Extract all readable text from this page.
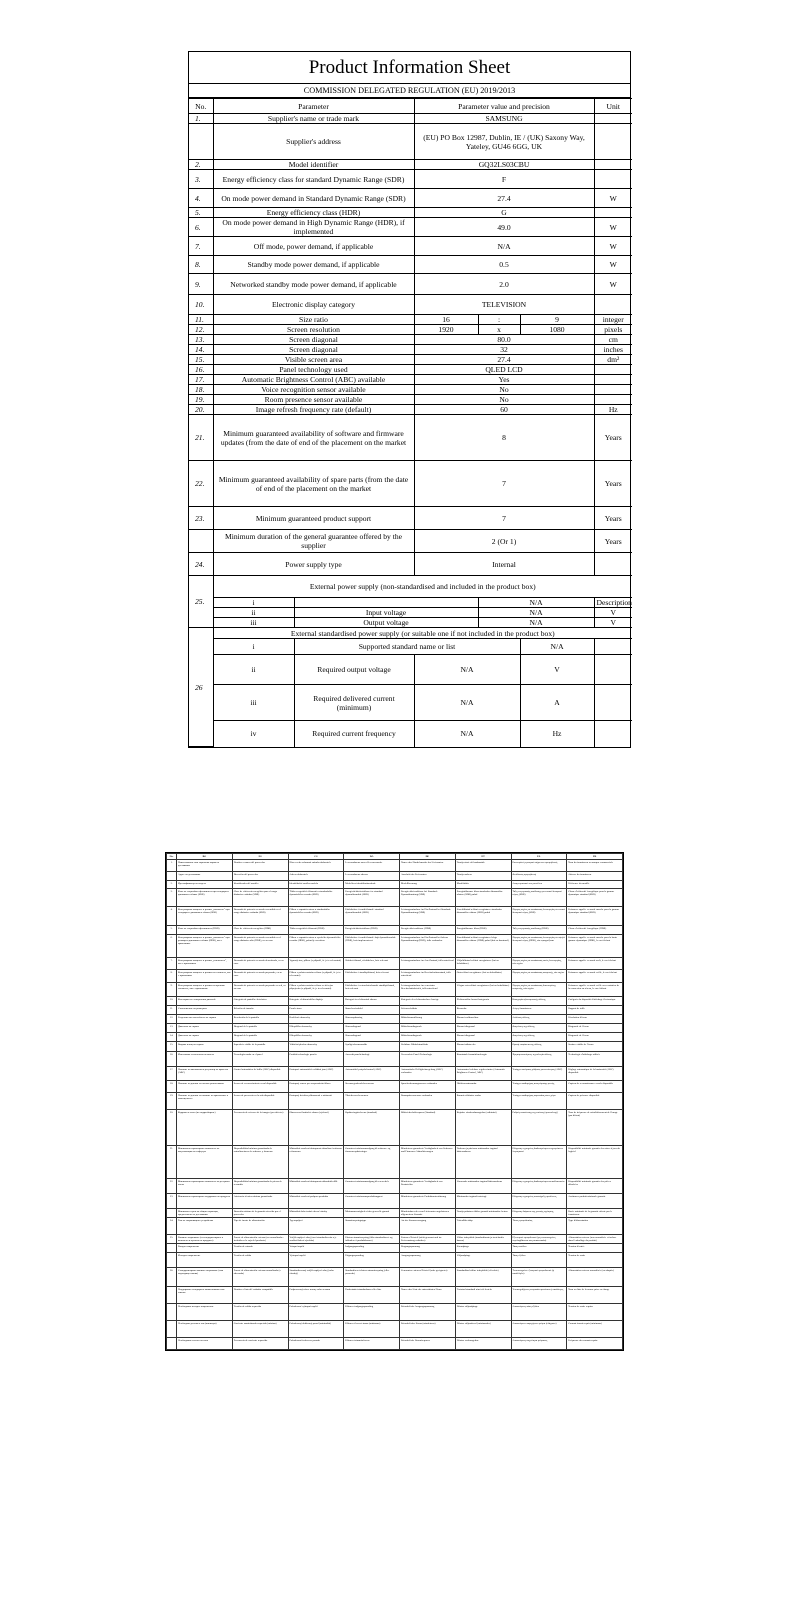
Product Information Sheet
COMMISSION DELEGATED REGULATION (EU) 2019/2013
No.	Parameter		Parameter value and precision			Unit
1.	Supplier's name or trade mark		SAMSUNG			
	Supplier's address		(EU) PO Box 12987, Dublin, IE / (UK) Saxony Way, Yateley, GU46 6GG, UK			
2.	Model identifier		GQ32LS03CBU			
3.	Energy efficiency class for standard Dynamic Range (SDR)		F			
4.	On mode power demand in Standard Dynamic Range (SDR)		27.4			W
5.	Energy efficiency class (HDR)		G			
6.	On mode power demand in High Dynamic Range (HDR), if implemented		49.0			W
7.	Off mode, power demand, if applicable		N/A			W
8.	Standby mode power demand, if applicable		0.5			W
9.	Networked standby mode power demand, if applicable		2.0			W
10.	Electronic display category		TELEVISION			
11.	Size ratio		16	:	9	integer
12.	Screen resolution		1920	x	1080	pixels
13.	Screen diagonal		80.0			cm
14.	Screen diagonal		32			inches
15.	Visible screen area		27.4			dm²
16.	Panel technology used		QLED LCD			
17.	Automatic Brightness Control (ABC) available		Yes			
18.	Voice recognition sensor available		No			
19.	Room presence sensor available		No			
20.	Image refresh frequency rate (default)		60			Hz
21.	Minimum guaranteed availability of software and firmware updates (from the date of end of the placement on the market		8			Years
22.	Minimum guaranteed availability of spare parts (from the date of end of the placement on the market		7			Years
23.	Minimum guaranteed product support		7			Years
	Minimum duration of the general guarantee offered by the supplier		2 (Or 1)			Years
24.	Power supply type		Internal			
25.	External power supply (non-standardised and included in the product box)					
	i			N/A		Description
	ii	Input voltage		N/A		V
	iii	Output voltage		N/A		V
26	External standardised power supply (or suitable one if not included in the product box)					
	i	Supported standard name or list			N/A	
	ii	Required output voltage	N/A		V	
	iii	Required delivered current (minimum)	N/A		A	
	iv	Required current frequency	N/A		Hz	
No.	BG	ES	CS	DA	DE	ET	EL	FR
1.	Наименование или търговска марка на доставчика	Nombre o marca del proveedor	Název nebo ochranná známka dodavatele	Leverandørens navn eller varemærke	Name oder Handelsmarke des Lieferanten	Tarnija nimi või kaubamärk	Επωνυμία ή εμπορικό σήμα του προμηθευτή	Nom du fournisseur ou marque commerciale
	Адрес на доставчика	Dirección del proveedor	Adresa dodavatele	Leverandørens adresse	Anschrift des Lieferanten	Tarnija aadress	Διεύθυνση προμηθευτή	Adresse du fournisseur
2.	Идентификатор на модела	Identificador del modelo	Identifikační značka modelu	Modellens identifikationskode	Modellkennung	Mudelitähis	Αναγνωριστικό του μοντέλου	Référence du modèle
3.	Клас на енергийна ефективност при стандартен динамичен обхват (SDR)	Clase de eficiencia energética para el rango dinámico estándar (SDR)	Třída energetické účinnosti u standardního dynamického rozsahu (SDR)	Energieffektivitetsklasse for standard dynamikområde (SDR)	Energieeffizienzklasse bei Standard-Dynamikumfang (SDR)	Energiatõhususe klass standardse dünaamilise ulatuse (SDR) puhul	Τάξη ενεργειακής απόδοσης για τυπικό δυναμικό εύρος (SDR)	Classe d'efficacité énergétique pour la gamme dynamique standard (SDR)
4.	Консумирана мощност в режим „включено“ при стандартен динамичен обхват (SDR)	Demanda de potencia en modo encendido en el rango dinámico estándar (SDR)	Příkon v zapnutém stavu u standardního dynamického rozsahu (SDR)	Effektbehov i tændt tilstand i standard dynamikområde (SDR)	Leistungsaufnahme im Ein-Zustand bei Standard-Dynamikumfang (SDR)	Sisselülitatud režiimi energiatarve standardse dünaamilise ulatuse (SDR) puhul	Ζήτηση ισχύος σε κατάσταση λειτουργίας σε τυπικό δυναμικό εύρος (SDR)	Puissance appelée en mode marche pour la gamme dynamique standard (SDR)
5.	Клас на енергийна ефективност (HDR)	Clase de eficiencia energética (HDR)	Třída energetické účinnosti (HDR)	Energieffektivitetsklasse (HDR)	Energieeffizienzklasse (HDR)	Energiatõhususe klass (HDR)	Τάξη ενεργειακής απόδοσης (HDR)	Classe d'efficacité énergétique (HDR)
6.	Консумирана мощност в режим „включено“ при разширен динамичен обхват (HDR), ако е приложимо	Demanda de potencia en modo encendido en el rango dinámico alto (HDR), en su caso	Příkon v zapnutém stavu u vysokého dynamického rozsahu (HDR), pokud je zavedeno	Effektbehov i tændt tilstand i højt dynamikområde (HDR), hvis implementeret	Leistungsaufnahme im Ein-Zustand bei hohem Dynamikumfang (HDR), falls vorhanden	Sisselülitatud režiimi energiatarve kõrge dünaamilise ulatuse (HDR) puhul (kui on kasutusel)	Ζήτηση ισχύος σε κατάσταση λειτουργίας σε υψηλό δυναμικό εύρος (HDR), εάν εφαρμόζεται	Puissance appelée en mode marche pour la haute gamme dynamique (HDR), le cas échéant
7.	Консумирана мощност в режим „изключено“, ако е приложимо	Demanda de potencia en modo desactivado, en su caso	Vypnutý stav, příkon (v případě, že je to relevantní)	Slukket tilstand, effektbehov, hvis relevant	Leistungsaufnahme im Aus-Zustand, falls zutreffend	Väljalülitatud režiimi energiatarve (kui on kohaldatav)	Ζήτηση ισχύος σε κατάσταση εκτός λειτουργίας, εάν ισχύει	Puissance appelée en mode arrêt, le cas échéant
8.	Консумирана мощност в режим на готовност, ако е приложимо	Demanda de potencia en modo preparado, en su caso	Příkon v pohotovostním režimu (v případě, že je to relevantní)	Effektbehov i standbytilstand, hvis relevant	Leistungsaufnahme im Bereitschaftszustand, falls zutreffend	Ooterežiimi energiatarve (kui on kohaldatav)	Ζήτηση ισχύος σε κατάσταση αναμονής, εάν ισχύει	Puissance appelée en mode veille, le cas échéant
9.	Консумирана мощност в режим на мрежова готовност, ако е приложимо	Demanda de potencia en modo preparado en red, en su caso	Příkon v pohotovostním režimu se síťovým připojením (v případě, že je to relevantní)	Effektbehov i netværksforbundet standbytilstand, hvis relevant	Leistungsaufnahme im vernetzten Bereitschaftsbetrieb, falls zutreffend	Võrgus ooterežiimi energiatarve (kui on kohaldatav)	Ζήτηση ισχύος σε κατάσταση δικτυωμένης αναμονής, εάν ισχύει	Puissance appelée en mode veille avec maintien de la connexion au réseau, le cas échéant
10.	Категория на електронния дисплей	Categoría de pantalla electrónica	Kategorie elektronického displeje	Kategori for elektronisk skærm	Kategorie der elektronischen Anzeige	Elektroonilise kuvari kategooria	Κατηγορία ηλεκτρονικής οθόνης	Catégorie du dispositif d'affichage électronique
11.	Съотношение на размерите	Relación de tamaño	Poměr stran	Størrelsesforhold	Seitenverhältnis	Kuvasuhe	Λόγος διαστάσεων	Rapport de taille
12.	Разделителна способност на екрана	Resolución de la pantalla	Rozlišení obrazovky	Skærmopløsning	Bildschirmauflösung	Ekraani eraldusvõime	Ανάλυση οθόνης	Résolution d'écran
13.	Диагонал на екрана	Diagonal de la pantalla	Úhlopříčka obrazovky	Skærmdiagonal	Bildschirmdiagonale	Ekraani diagonaal	Διαγώνιος της οθόνης	Diagonale de l'écran
14.	Диагонал на екрана	Diagonal de la pantalla	Úhlopříčka obrazovky	Skærmdiagonal	Bildschirmdiagonale	Ekraani diagonaal	Διαγώνιος της οθόνης	Diagonale de l'écran
15.	Видима площ на екрана	Superficie visible de la pantalla	Viditelná plocha obrazovky	Synligt skærmområde	Sichtbare Bildschirmfläche	Ekraani nähtav ala	Ορατή επιφάνεια της οθόνης	Surface visible de l'écran
16.	Използвана технология на панела	Tecnología usada en el panel	Použitá technologie panelu	Anvendt panelteknologi	Verwendete Panel-Technologie	Kasutatud ekraanitehnoloogia	Χρησιμοποιούμενη τεχνολογία οθόνης	Technologie d'affichage utilisée
17.	Наличие на автоматичен регулатор на яркостта (ABC)	Control automático de brillo (ABC) disponible	Dostupné automatické ovládání jasu (ABC)	Automatisk lysstyrkekontrol (ABC)	Automatische Helligkeitsregelung (ABC) vorhanden	Automaatne heleduse reguleerimine (Automatic Brightness Control, ABC)	Υπάρχει αυτόματη ρύθμιση φωτεινότητας (ABC)	Réglage automatique de la luminosité (ABC) disponible
18.	Наличие на датчик за гласово разпознаване	Sensor de reconocimiento vocal disponible	Dostupný senzor pro rozpoznávání hlasu	Stemmegenkendelses-sensor	Spracherkennungssensor vorhanden	Hääletuvastusandur	Υπάρχει αισθητήρας αναγνώρισης φωνής	Capteur de reconnaissance vocale disponible
19.	Наличие на датчик за наличие на присъствие в помещението	Sensor de presencia en la sala disponible	Dostupný detektor přítomnosti v místnosti	Tilstedeværelsessensor	Raumpräsenzsensor vorhanden	Ruumis viibimise andur	Υπάρχει αισθητήρας παρουσίας στον χώρο	Capteur de présence disponible
20.	Кадрова честота (по подразбиране)	Frecuencia de refresco de la imagen (por defecto)	Obnovovací kmitočet obrazu (výchozí)	Opdateringsfrekvens (standard)	Bildwiederholfrequenz (Standard)	Kujutise värskendussagedus (vaikimisi)	Ρυθμός ανανέωσης της εικόνας (προεπιλογή)	Taux de fréquence de rafraîchissement de l'image (par défaut)
21.	Минимална гарантирана наличност на актуализации на софтуера	Disponibilidad mínima garantizada de actualizaciones de software y firmware	Minimální zaručená dostupnost aktualizací softwaru a firmwaru	Garanteret minimumsadgang til software- og firmwareopdateringer	Mindestens garantierte Verfügbarkeit von Software- und Firmware-Aktualisierungen	Tarkvara ja püsivara minimaalne tagatud kättesaadavus	Ελάχιστη εγγυημένη διαθεσιμότητα ενημερώσεων λογισμικού	Disponibilité minimale garantie des mises à jour du logiciel
22.	Минимална гарантирана наличност на резервни части	Disponibilidad mínima garantizada de piezas de recambio	Minimální zaručená dostupnost náhradních dílů	Garanteret minimumsadgang til reservedele	Mindestens garantierte Verfügbarkeit von Ersatzteilen	Varuosade minimaalne tagatud kättesaadavus	Ελάχιστη εγγυημένη διαθεσιμότητα ανταλλακτικών	Disponibilité minimale garantie des pièces détachées
23.	Минимална гарантирана поддръжка на продукта	Asistencia técnica mínima garantizada	Minimální zaručená podpora produktu	Garanteret minimumsproduktsupport	Mindestens garantierte Produktunterstützung	Minimaalne tagatud tootetugi	Ελάχιστη εγγυημένη υποστήριξη προϊόντος	Assistance produit minimale garantie
	Минимален срок на общата гаранция, предоставена от доставчика	Duración mínima de la garantía ofrecida por el proveedor	Minimální doba trvání obecné záruky	Minimumsvarighed af den generelle garanti	Mindestdauer der vom Lieferanten angebotenen allgemeinen Garantie	Tarnija pakutava üldise garantii minimaalne kestus	Ελάχιστη διάρκεια της γενικής εγγύησης	Durée minimale de la garantie offerte par le fournisseur
24.	Тип на захранващото устройство	Tipo de fuente de alimentación	Typ napájení	Strømforsyningstype	Art der Stromversorgung	Toiteallika tüüp	Τύπος τροφοδοσίας	Type d'alimentation
25.	Външно захранване (нестандартизирано и включено в кутията на продукта)	Fuente de alimentación externa (no normalizada e incluida en la caja del producto)	Vnější napájecí zdroj (není standardizován a je součástí balení výrobku)	Ekstern strømforsyning (ikke-standardiseret og inkluderet i produktkassen)	Externes Netzteil (nicht genormt und im Lieferumfang enthalten)	Väline toiteplokk (standardimata ja tootekarbis kaasas)	Εξωτερικό τροφοδοτικό (μη τυποποιημένο, περιλαμβάνεται στη συσκευασία)	Alimentation externe (non normalisée et incluse dans l'emballage du produit)
	Входно напрежение	Tensión de entrada	Vstupní napětí	Indgangsspænding	Eingangsspannung	Sisendpinge	Τάση εισόδου	Tension d'entrée
	Изходно напрежение	Tensión de salida	Výstupní napětí	Udgangsspænding	Ausgangsspannung	Väljundpinge	Τάση εξόδου	Tension de sortie
26.	Стандартизирано външно захранване (или подходящо такова)	Fuente de alimentación externa normalizada (o adecuada)	Standardizovaný vnější napájecí zdroj (nebo vhodný)	Standardiseret ekstern strømforsyning (eller passende)	Genormtes externes Netzteil (oder geeignetes)	Standarditud väline toiteplokk (või sobiv)	Τυποποιημένο εξωτερικό τροφοδοτικό (ή κατάλληλο)	Alimentation externe normalisée (ou adaptée)
	Поддържано стандартно наименование или списък	Nombre o lista del estándar compatible	Podporovaný název normy nebo seznam	Understøttet standardnavn eller liste	Name oder Liste der unterstützten Norm	Toetatud standardi nimi või loetelu	Υποστηριζόμενη ονομασία προτύπου ή κατάλογος	Nom ou liste de la norme prise en charge
	Необходимо изходно напрежение	Tensión de salida requerida	Požadované výstupní napětí	Påkrævet udgangsspænding	Erforderliche Ausgangsspannung	Nõutav väljundpinge	Απαιτούμενη τάση εξόδου	Tension de sortie requise
	Необходим доставен ток (минимум)	Corriente suministrada requerida (mínima)	Požadovaný dodávaný proud (minimální)	Påkrævet leveret strøm (minimum)	Erforderlicher Strom (mindestens)	Nõutav väljundvool (minimaalne)	Απαιτούμενο παρεχόμενο ρεύμα (ελάχιστο)	Courant fourni requis (minimum)
	Необходима честота на тока	Frecuencia de corriente requerida	Požadovaná frekvence proudu	Påkrævet strømfrekvens	Erforderliche Stromfrequenz	Nõutav voolusagedus	Απαιτούμενη συχνότητα ρεύματος	Fréquence du courant requise
